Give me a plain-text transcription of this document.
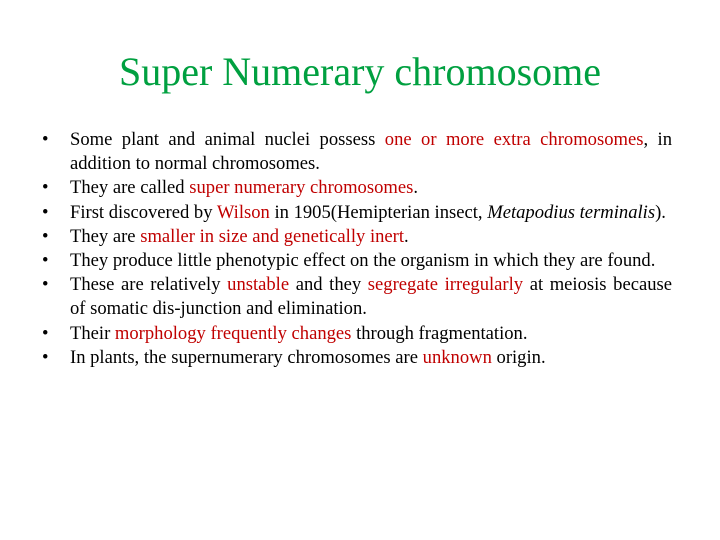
Super Numerary chromosome
•	Some plant and animal nuclei possess one or more extra chromosomes, in addition to normal chromosomes.
•	They are called super numerary chromosomes.
•	First discovered by Wilson in 1905(Hemipterian insect, Metapodius terminalis).
•	They are smaller in size and genetically inert.
•	They produce little phenotypic effect on the organism in which they are found.
•	These are relatively unstable and they segregate irregularly at meiosis because of somatic dis-junction and elimination.
•	Their morphology frequently changes through fragmentation.
•	In plants, the supernumerary chromosomes are unknown origin.
